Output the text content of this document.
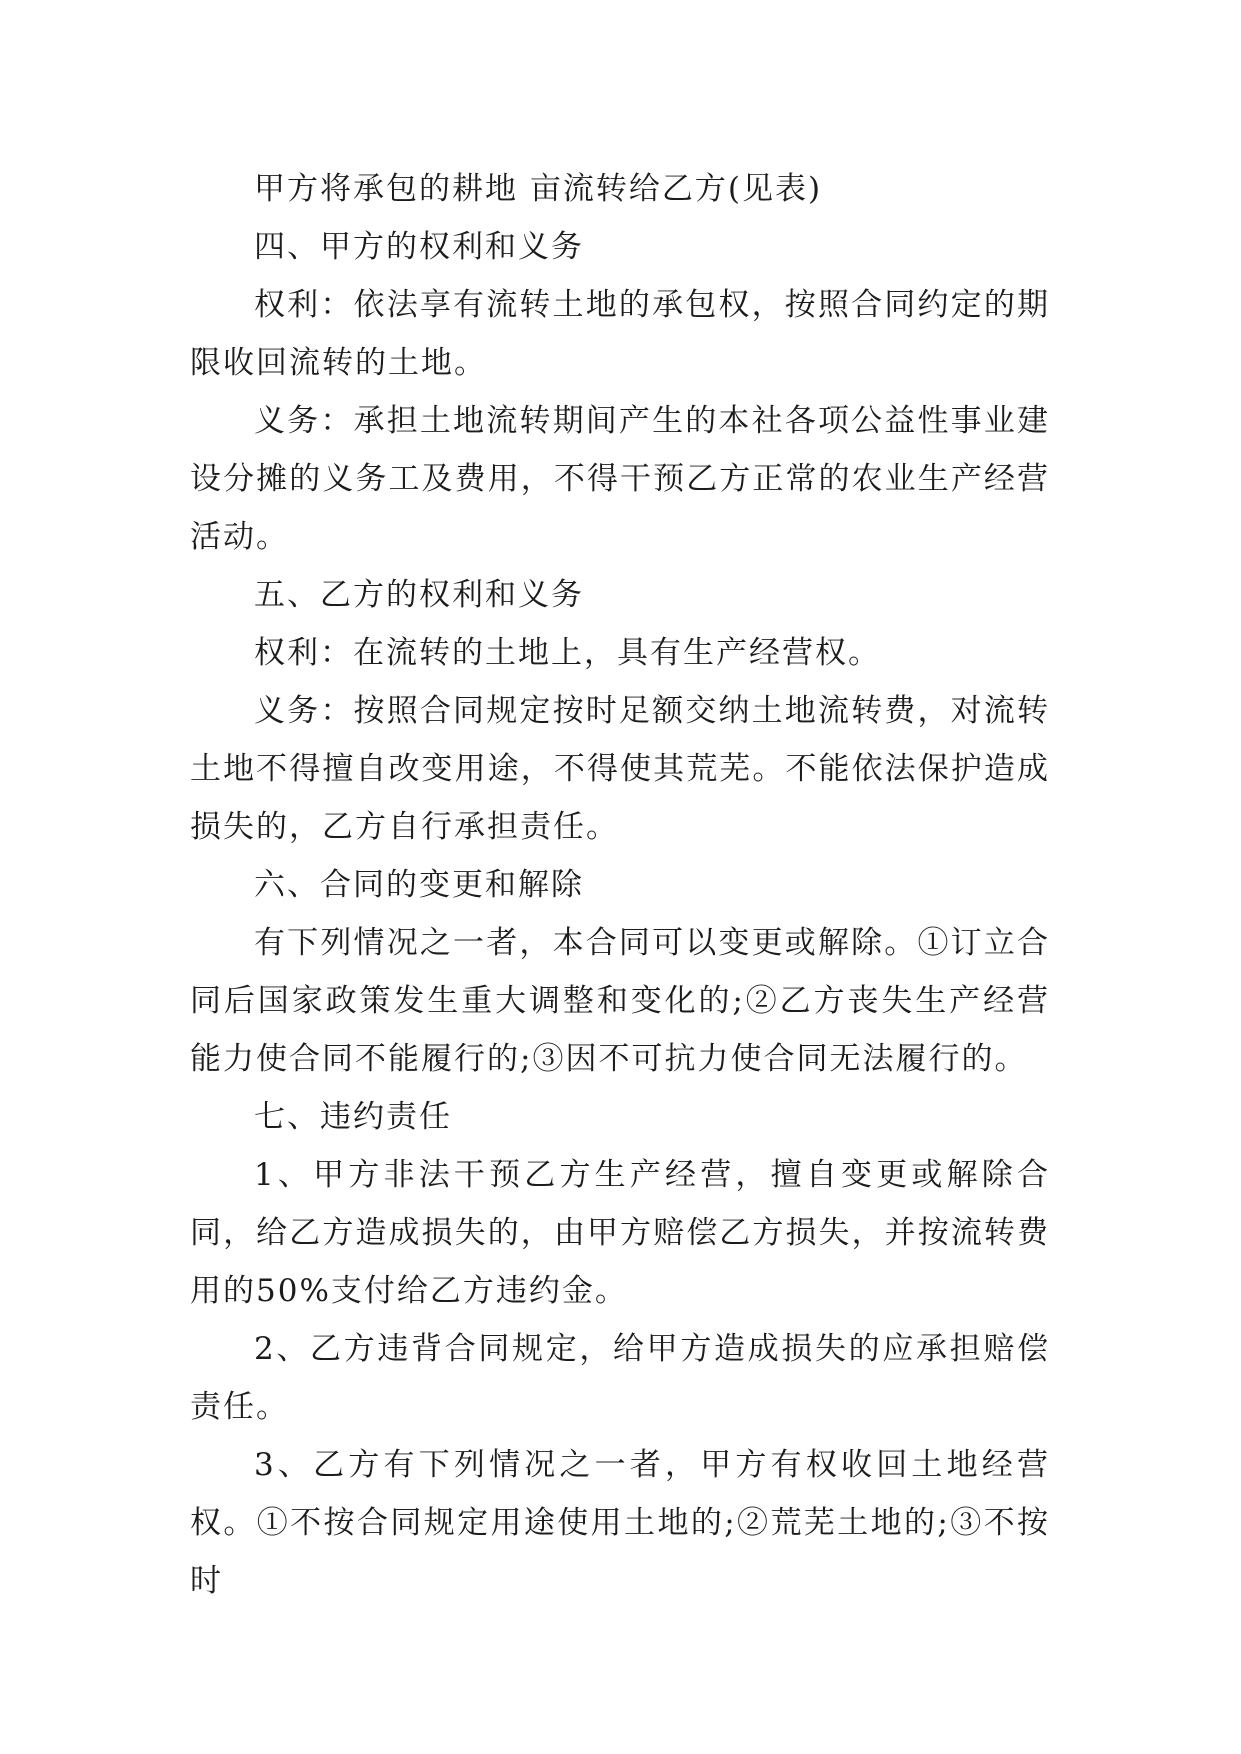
甲方将承包的耕地 亩流转给乙方(见表)

四、甲方的权利和义务

权利：依法享有流转土地的承包权，按照合同约定的期限收回流转的土地。

义务：承担土地流转期间产生的本社各项公益性事业建设分摊的义务工及费用，不得干预乙方正常的农业生产经营活动。

五、乙方的权利和义务

权利：在流转的土地上，具有生产经营权。

义务：按照合同规定按时足额交纳土地流转费，对流转土地不得擅自改变用途，不得使其荒芜。不能依法保护造成损失的，乙方自行承担责任。

六、合同的变更和解除

有下列情况之一者，本合同可以变更或解除。①订立合同后国家政策发生重大调整和变化的;②乙方丧失生产经营能力使合同不能履行的;③因不可抗力使合同无法履行的。

七、违约责任

1、甲方非法干预乙方生产经营，擅自变更或解除合同，给乙方造成损失的，由甲方赔偿乙方损失，并按流转费用的50%支付给乙方违约金。

2、乙方违背合同规定，给甲方造成损失的应承担赔偿责任。

3、乙方有下列情况之一者，甲方有权收回土地经营权。①不按合同规定用途使用土地的;②荒芜土地的;③不按时
